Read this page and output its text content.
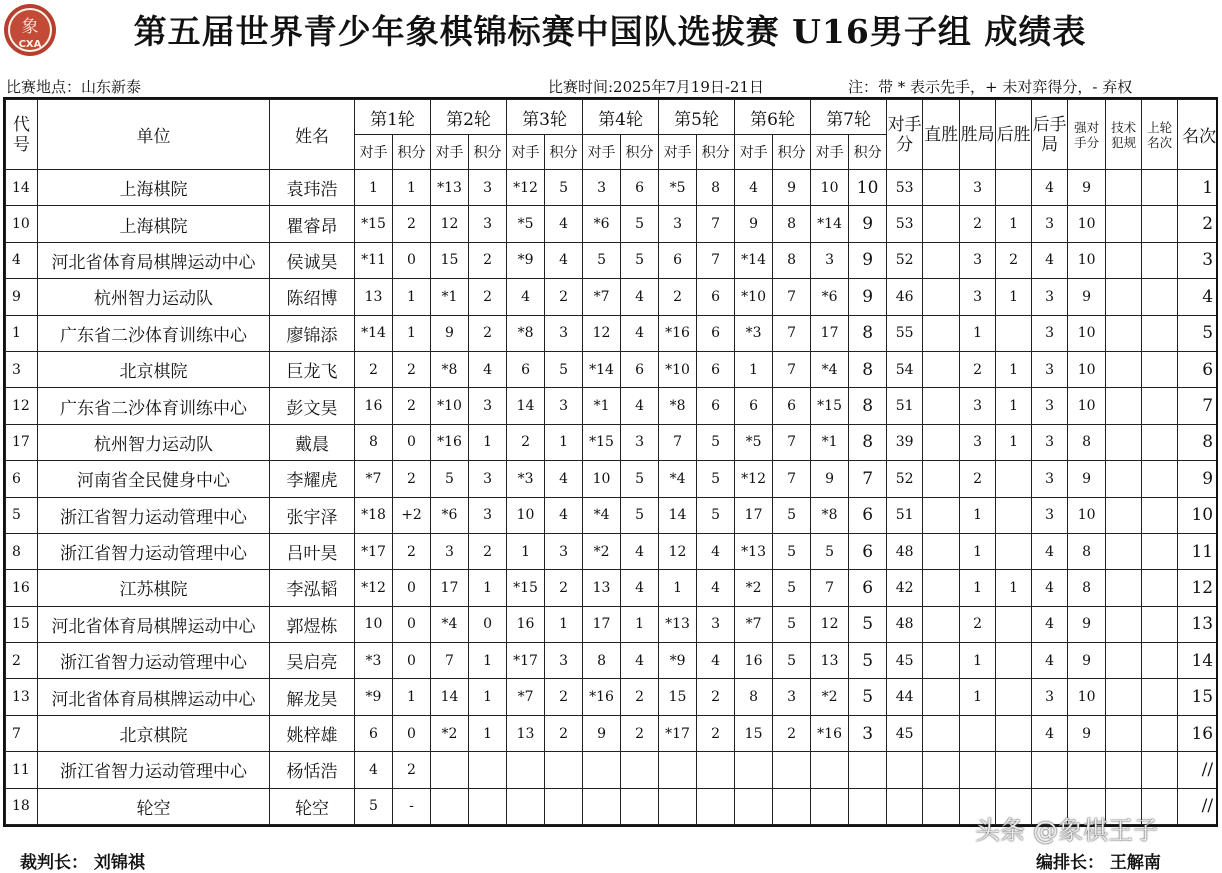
象
CXA	第五届世界青少年象棋锦标赛中国队选拔赛 U16男子组 成绩表
比赛地点：山东新泰	比赛时间:2025年7月19日-21日	注：带 * 表示先手，+ 未对弈得分，- 弃权
代号	单位	姓名	第1轮		第2轮		第3轮		第4轮		第5轮		第6轮		第7轮		对手分	直胜	胜局	后胜	后手局	强对手分	技术犯规	上轮名次	名次
			对手	积分	对手	积分	对手	积分	对手	积分	对手	积分	对手	积分	对手	积分									
14	上海棋院	袁玮浩	1	1	*13	3	*12	5	3	6	*5	8	4	9	10	10	53		3		4	9			1
10	上海棋院	瞿睿昂	*15	2	12	3	*5	4	*6	5	3	7	9	8	*14	9	53		2	1	3	10			2
4	河北省体育局棋牌运动中心	侯诚昊	*11	0	15	2	*9	4	5	5	6	7	*14	8	3	9	52		3	2	4	10			3
9	杭州智力运动队	陈绍博	13	1	*1	2	4	2	*7	4	2	6	*10	7	*6	9	46		3	1	3	9			4
1	广东省二沙体育训练中心	廖锦添	*14	1	9	2	*8	3	12	4	*16	6	*3	7	17	8	55		1		3	10			5
3	北京棋院	巨龙飞	2	2	*8	4	6	5	*14	6	*10	6	1	7	*4	8	54		2	1	3	10			6
12	广东省二沙体育训练中心	彭文昊	16	2	*10	3	14	3	*1	4	*8	6	6	6	*15	8	51		3	1	3	10			7
17	杭州智力运动队	戴晨	8	0	*16	1	2	1	*15	3	7	5	*5	7	*1	8	39		3	1	3	8			8
6	河南省全民健身中心	李耀虎	*7	2	5	3	*3	4	10	5	*4	5	*12	7	9	7	52		2		3	9			9
5	浙江省智力运动管理中心	张宇泽	*18	+2	*6	3	10	4	*4	5	14	5	17	5	*8	6	51		1		3	10			10
8	浙江省智力运动管理中心	吕叶昊	*17	2	3	2	1	3	*2	4	12	4	*13	5	5	6	48		1		4	8			11
16	江苏棋院	李泓韬	*12	0	17	1	*15	2	13	4	1	4	*2	5	7	6	42		1	1	4	8			12
15	河北省体育局棋牌运动中心	郭煜栋	10	0	*4	0	16	1	17	1	*13	3	*7	5	12	5	48		2		4	9			13
2	浙江省智力运动管理中心	吴启亮	*3	0	7	1	*17	3	8	4	*9	4	16	5	13	5	45		1		4	9			14
13	河北省体育局棋牌运动中心	解龙昊	*9	1	14	1	*7	2	*16	2	15	2	8	3	*2	5	44		1		3	10			15
7	北京棋院	姚梓雄	6	0	*2	1	13	2	9	2	*17	2	15	2	*16	3	45				4	9			16
11	浙江省智力运动管理中心	杨恬浩	4	2																					//
18	轮空	轮空	5	-																					//
裁判长： 刘锦祺	编排长： 王解南
头条 @象棋王子
